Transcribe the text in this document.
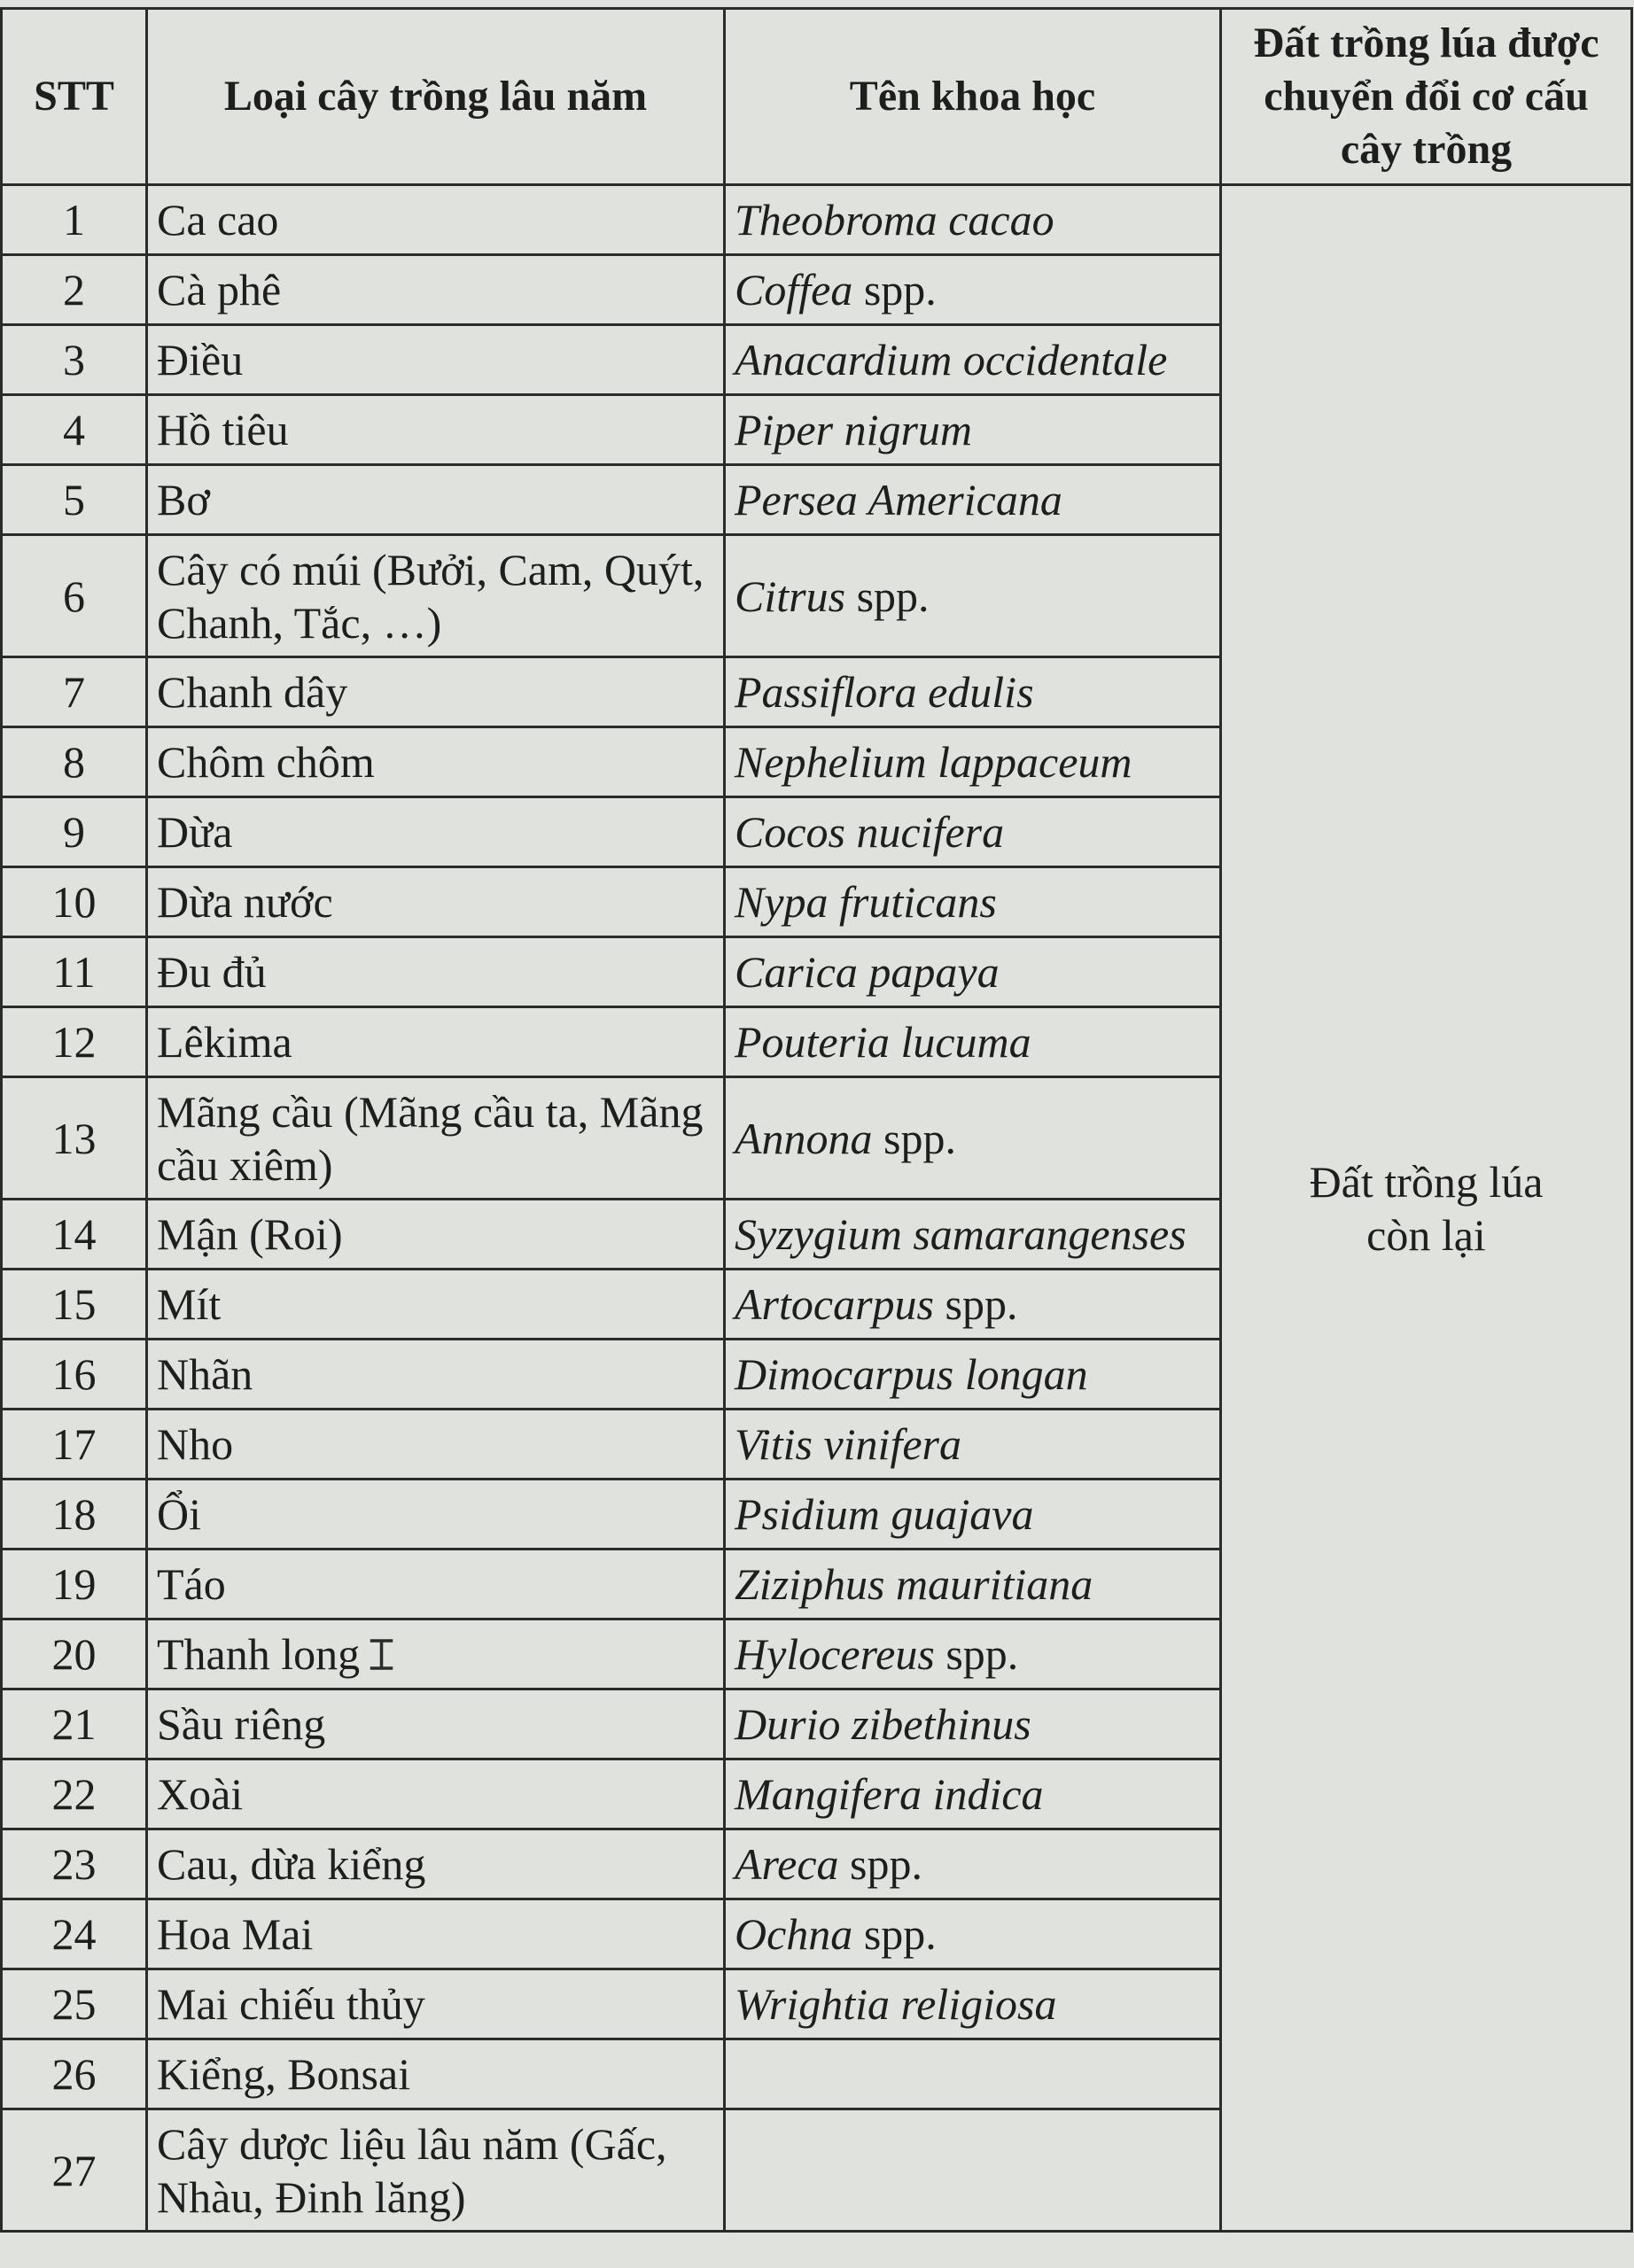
STT	Loại cây trồng lâu năm	Tên khoa học	Đất trồng lúa được chuyển đổi cơ cấu cây trồng
1	Ca cao	Theobroma cacao	Đất trồng lúa
còn lại

2	Cà phê	Coffea spp.	
3	Điều	Anacardium occidentale	
4	Hồ tiêu	Piper nigrum	
5	Bơ	Persea Americana	
6	Cây có múi (Bưởi, Cam, Quýt, Chanh, Tắc, …)	Citrus spp.	
7	Chanh dây	Passiflora edulis	
8	Chôm chôm	Nephelium lappaceum	
9	Dừa	Cocos nucifera	
10	Dừa nước	Nypa fruticans	
11	Đu đủ	Carica papaya	
12	Lêkima	Pouteria lucuma	
13	Mãng cầu (Mãng cầu ta, Mãng cầu xiêm)	Annona spp.	
14	Mận (Roi)	Syzygium samarangenses	
15	Mít	Artocarpus spp.	
16	Nhãn	Dimocarpus longan	
17	Nho	Vitis vinifera	
18	Ổi	Psidium guajava	
19	Táo	Ziziphus mauritiana	
20	Thanh long ⌶	Hylocereus spp.	
21	Sầu riêng	Durio zibethinus	
22	Xoài	Mangifera indica	
23	Cau, dừa kiểng	Areca spp.	
24	Hoa Mai	Ochna spp.	
25	Mai chiếu thủy	Wrightia religiosa	
26	Kiểng, Bonsai		
27	Cây dược liệu lâu năm (Gấc, Nhàu, Đinh lăng)		
